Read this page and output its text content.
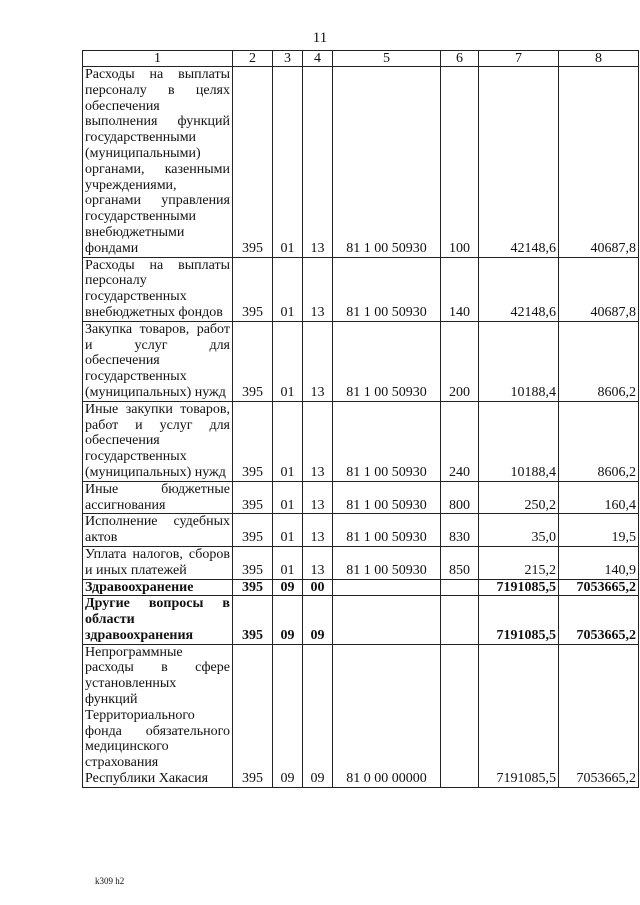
11
1	2	3	4	5	6	7	8
Расходы на выплаты персоналу в целях обеспечения выполнения функций государственными (муниципальными) органами, казенными учреждениями, органами управления государственными внебюджетными фондами	395	01	13	81 1 00 50930	100	42148,6	40687,8
Расходы на выплаты персоналу государственных внебюджетных фондов	395	01	13	81 1 00 50930	140	42148,6	40687,8
Закупка товаров, работ и услуг для обеспечения государственных (муниципальных) нужд	395	01	13	81 1 00 50930	200	10188,4	8606,2
Иные закупки товаров, работ и услуг для обеспечения государственных (муниципальных) нужд	395	01	13	81 1 00 50930	240	10188,4	8606,2
Иные бюджетные ассигнования	395	01	13	81 1 00 50930	800	250,2	160,4
Исполнение судебных актов	395	01	13	81 1 00 50930	830	35,0	19,5
Уплата налогов, сборов и иных платежей	395	01	13	81 1 00 50930	850	215,2	140,9
Здравоохранение	395	09	00			7191085,5	7053665,2
Другие вопросы в области здравоохранения	395	09	09			7191085,5	7053665,2
Непрограммные расходы в сфере установленных функций Территориального фонда обязательного медицинского страхования Республики Хакасия	395	09	09	81 0 00 00000		7191085,5	7053665,2
k309 h2
